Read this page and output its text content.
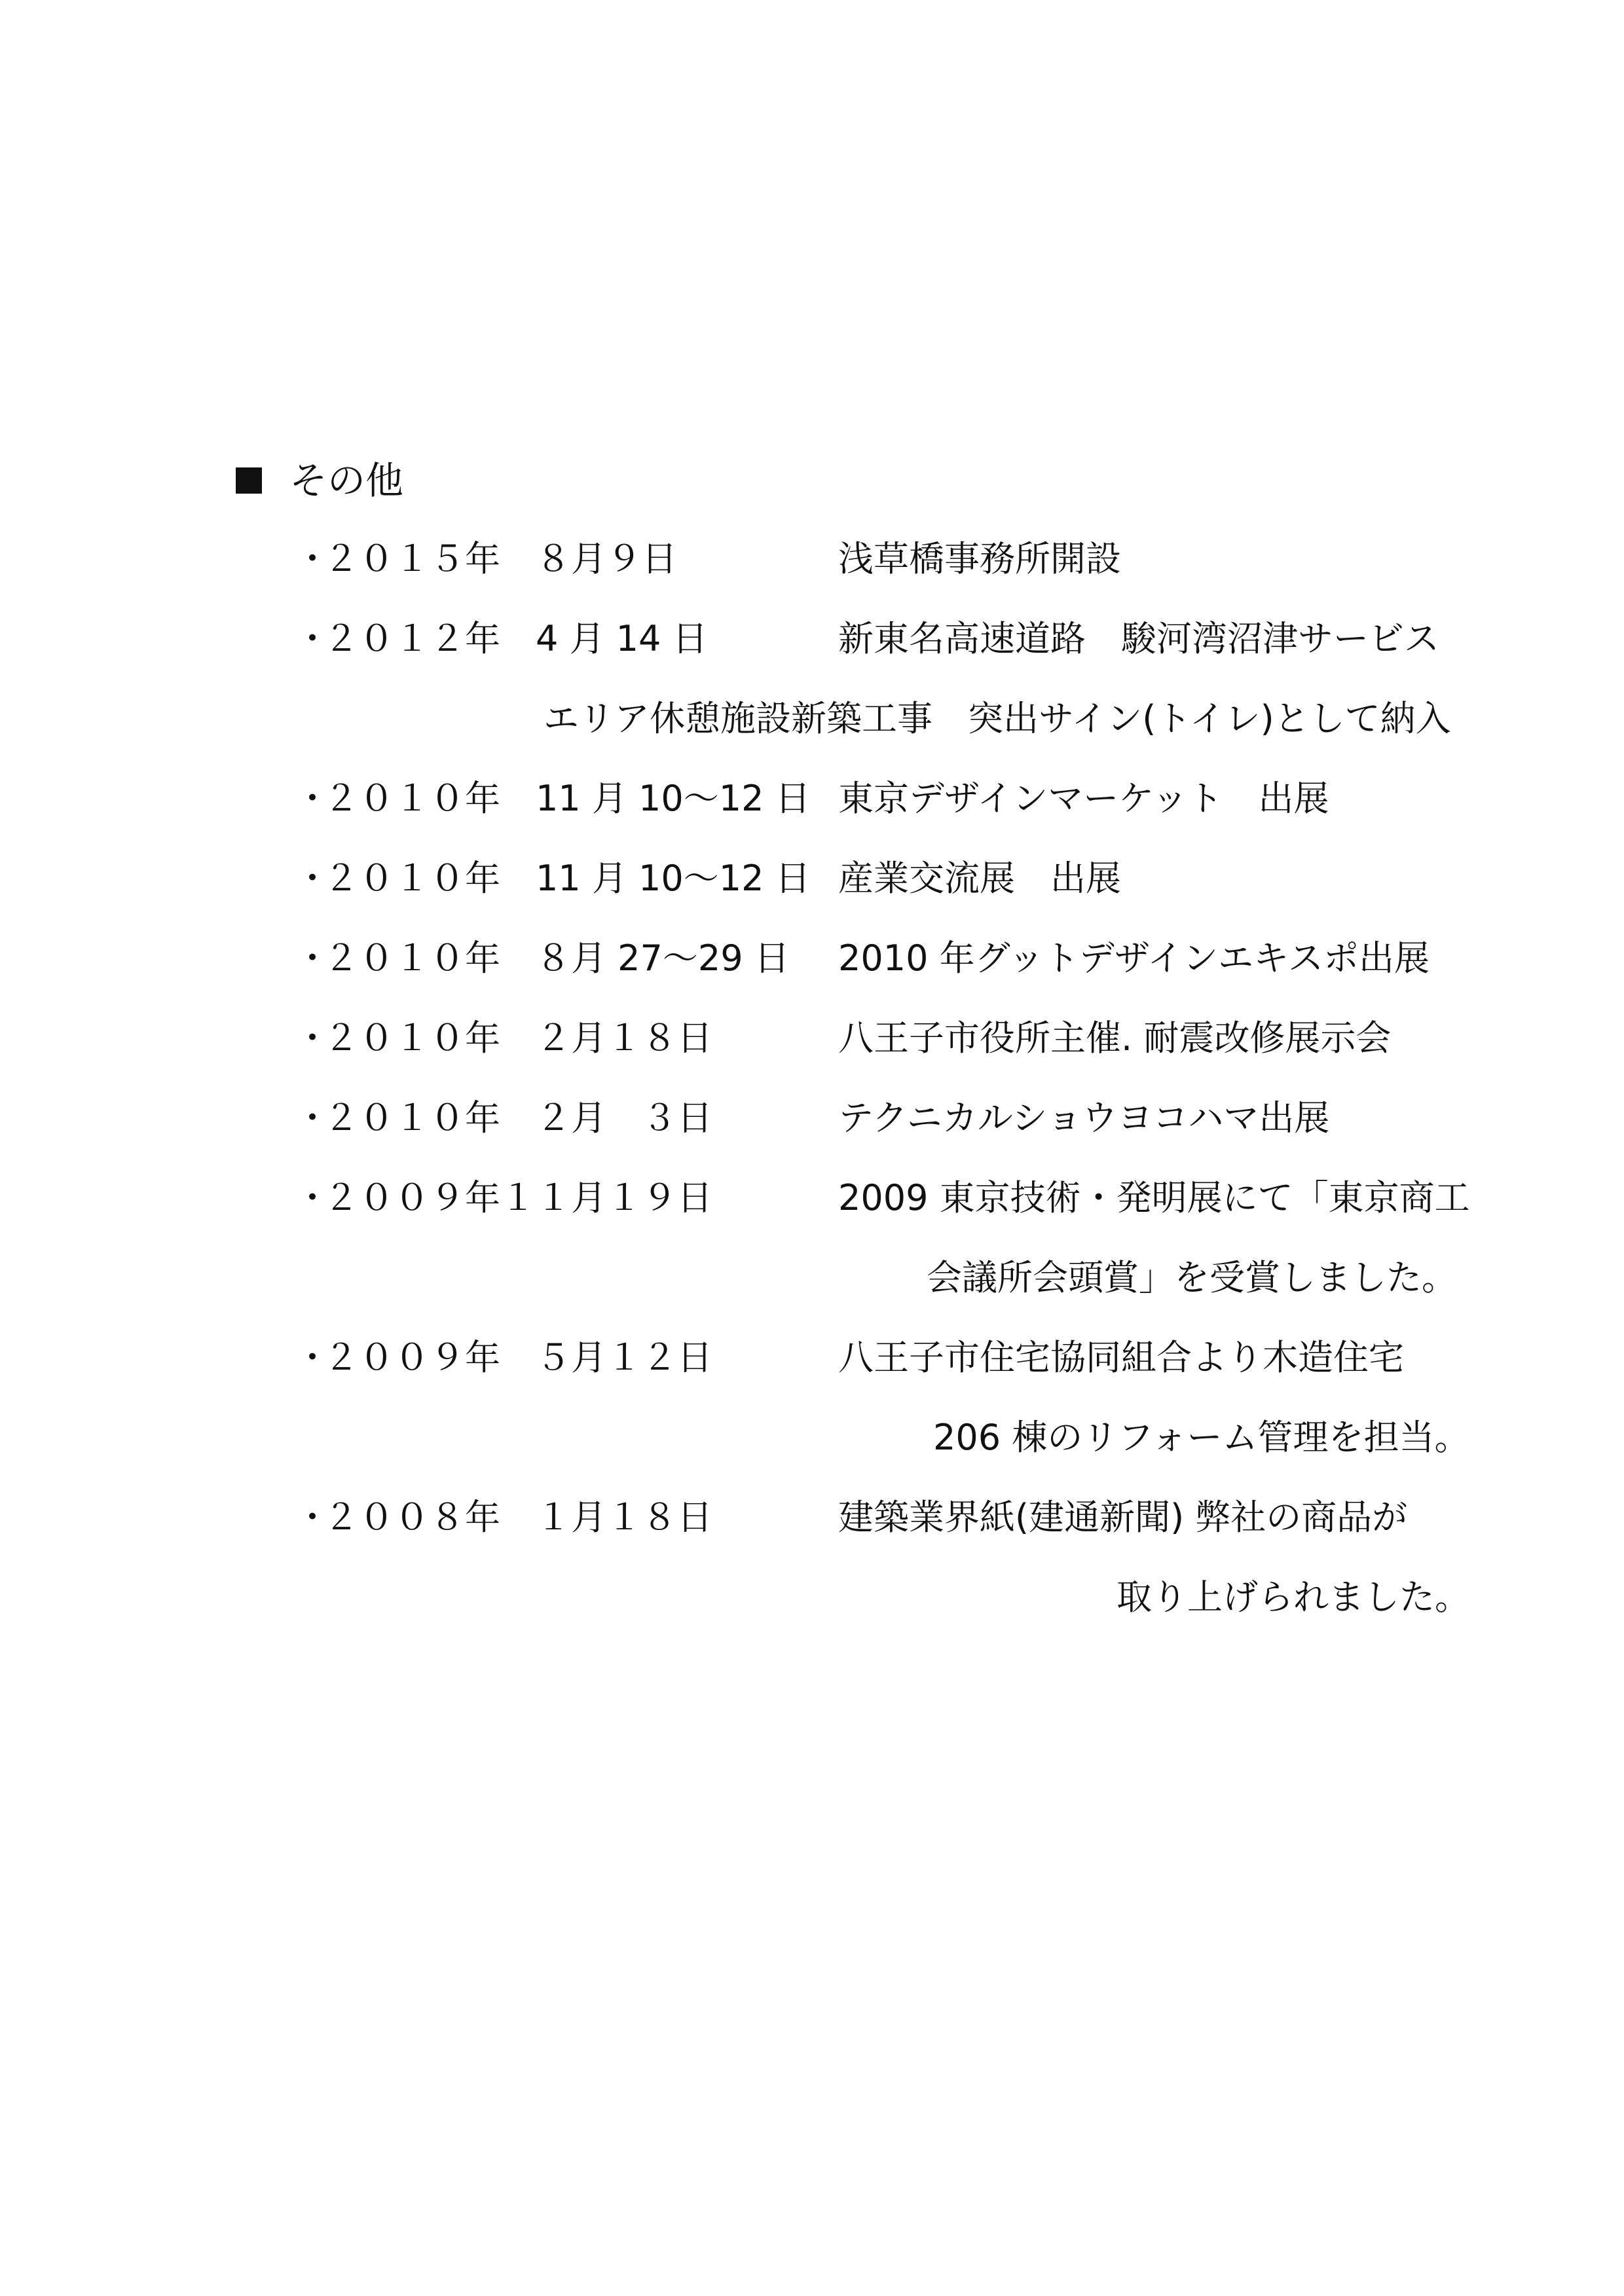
その他
・
２０１５年　８月９日	浅草橋事務所開設
・
２０１２年　4 月 14 日	新東名高速道路　駿河湾沼津サービス
エリア休憩施設新築工事　突出サイン(トイレ)として納入
・
２０１０年　11 月 10～12 日 東京デザインマーケット　出展
・
２０１０年　11 月 10～12 日 産業交流展　出展
・
２０１０年　８月 27～29 日	2010 年グットデザインエキスポ出展
・
２０１０年　２月１８日	八王子市役所主催. 耐震改修展示会
・
２０１０年　２月　３日	テクニカルショウヨコハマ出展
・
２００９年１１月１９日	2009 東京技術・発明展にて「東京商工
会議所会頭賞」を受賞しました。
・
２００９年　５月１２日	八王子市住宅協同組合より木造住宅
206 棟のリフォーム管理を担当。
・
２００８年　１月１８日	建築業界紙(建通新聞) 弊社の商品が
取り上げられました。
